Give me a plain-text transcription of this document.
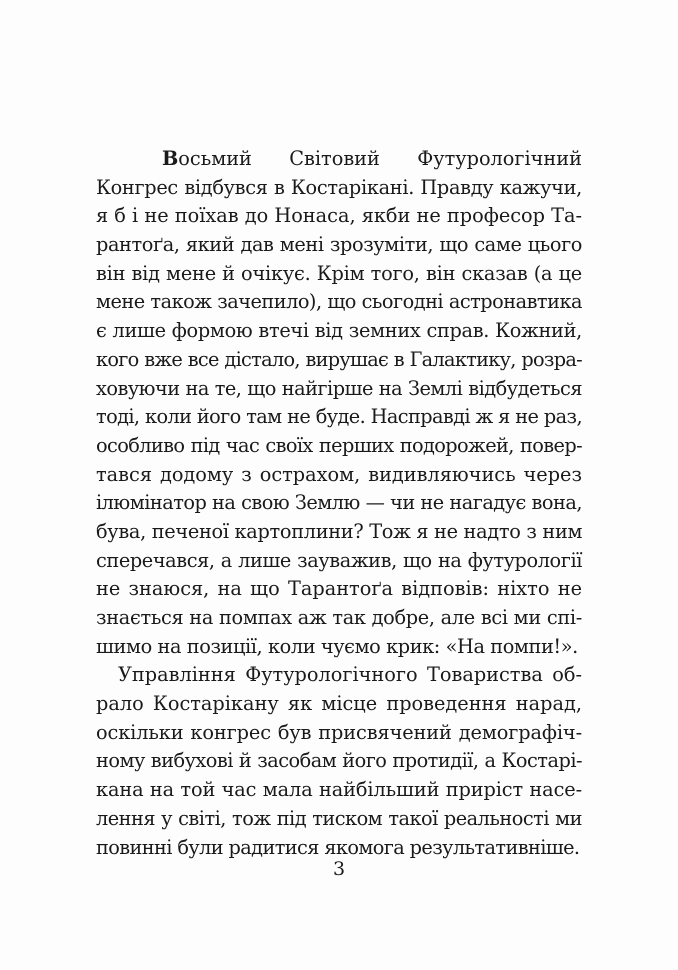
Восьмий Світовий Футурологічний
Конгрес відбувся в Костарікані. Правду кажучи,
я б і не поїхав до Нонаса, якби не професор Та-
рантоґа, який дав мені зрозуміти, що саме цього
він від мене й очікує. Крім того, він сказав (а це
мене також зачепило), що сьогодні астронавтика
є лише формою втечі від земних справ. Кожний,
кого вже все дістало, вирушає в Галактику, розра-
ховуючи на те, що найгірше на Землі відбудеться
тоді, коли його там не буде. Насправді ж я не раз,
особливо під час своїх перших подорожей, повер-
тався додому з острахом, видивляючись через
ілюмінатор на свою Землю — чи не нагадує вона,
бува, печеної картоплини? Тож я не надто з ним
сперечався, а лише зауважив, що на футурології
не знаюся, на що Тарантоґа відповів: ніхто не
знається на помпах аж так добре, але всі ми спі-
шимо на позиції, коли чуємо крик: «На помпи!».
Управління Футурологічного Товариства об-
рало Костарікану як місце проведення нарад,
оскільки конгрес був присвячений демографіч-
ному вибухові й засобам його протидії, а Костарі-
кана на той час мала найбільший приріст насе-
лення у світі, тож під тиском такої реальності ми
повинні були радитися якомога результативніше.
3
